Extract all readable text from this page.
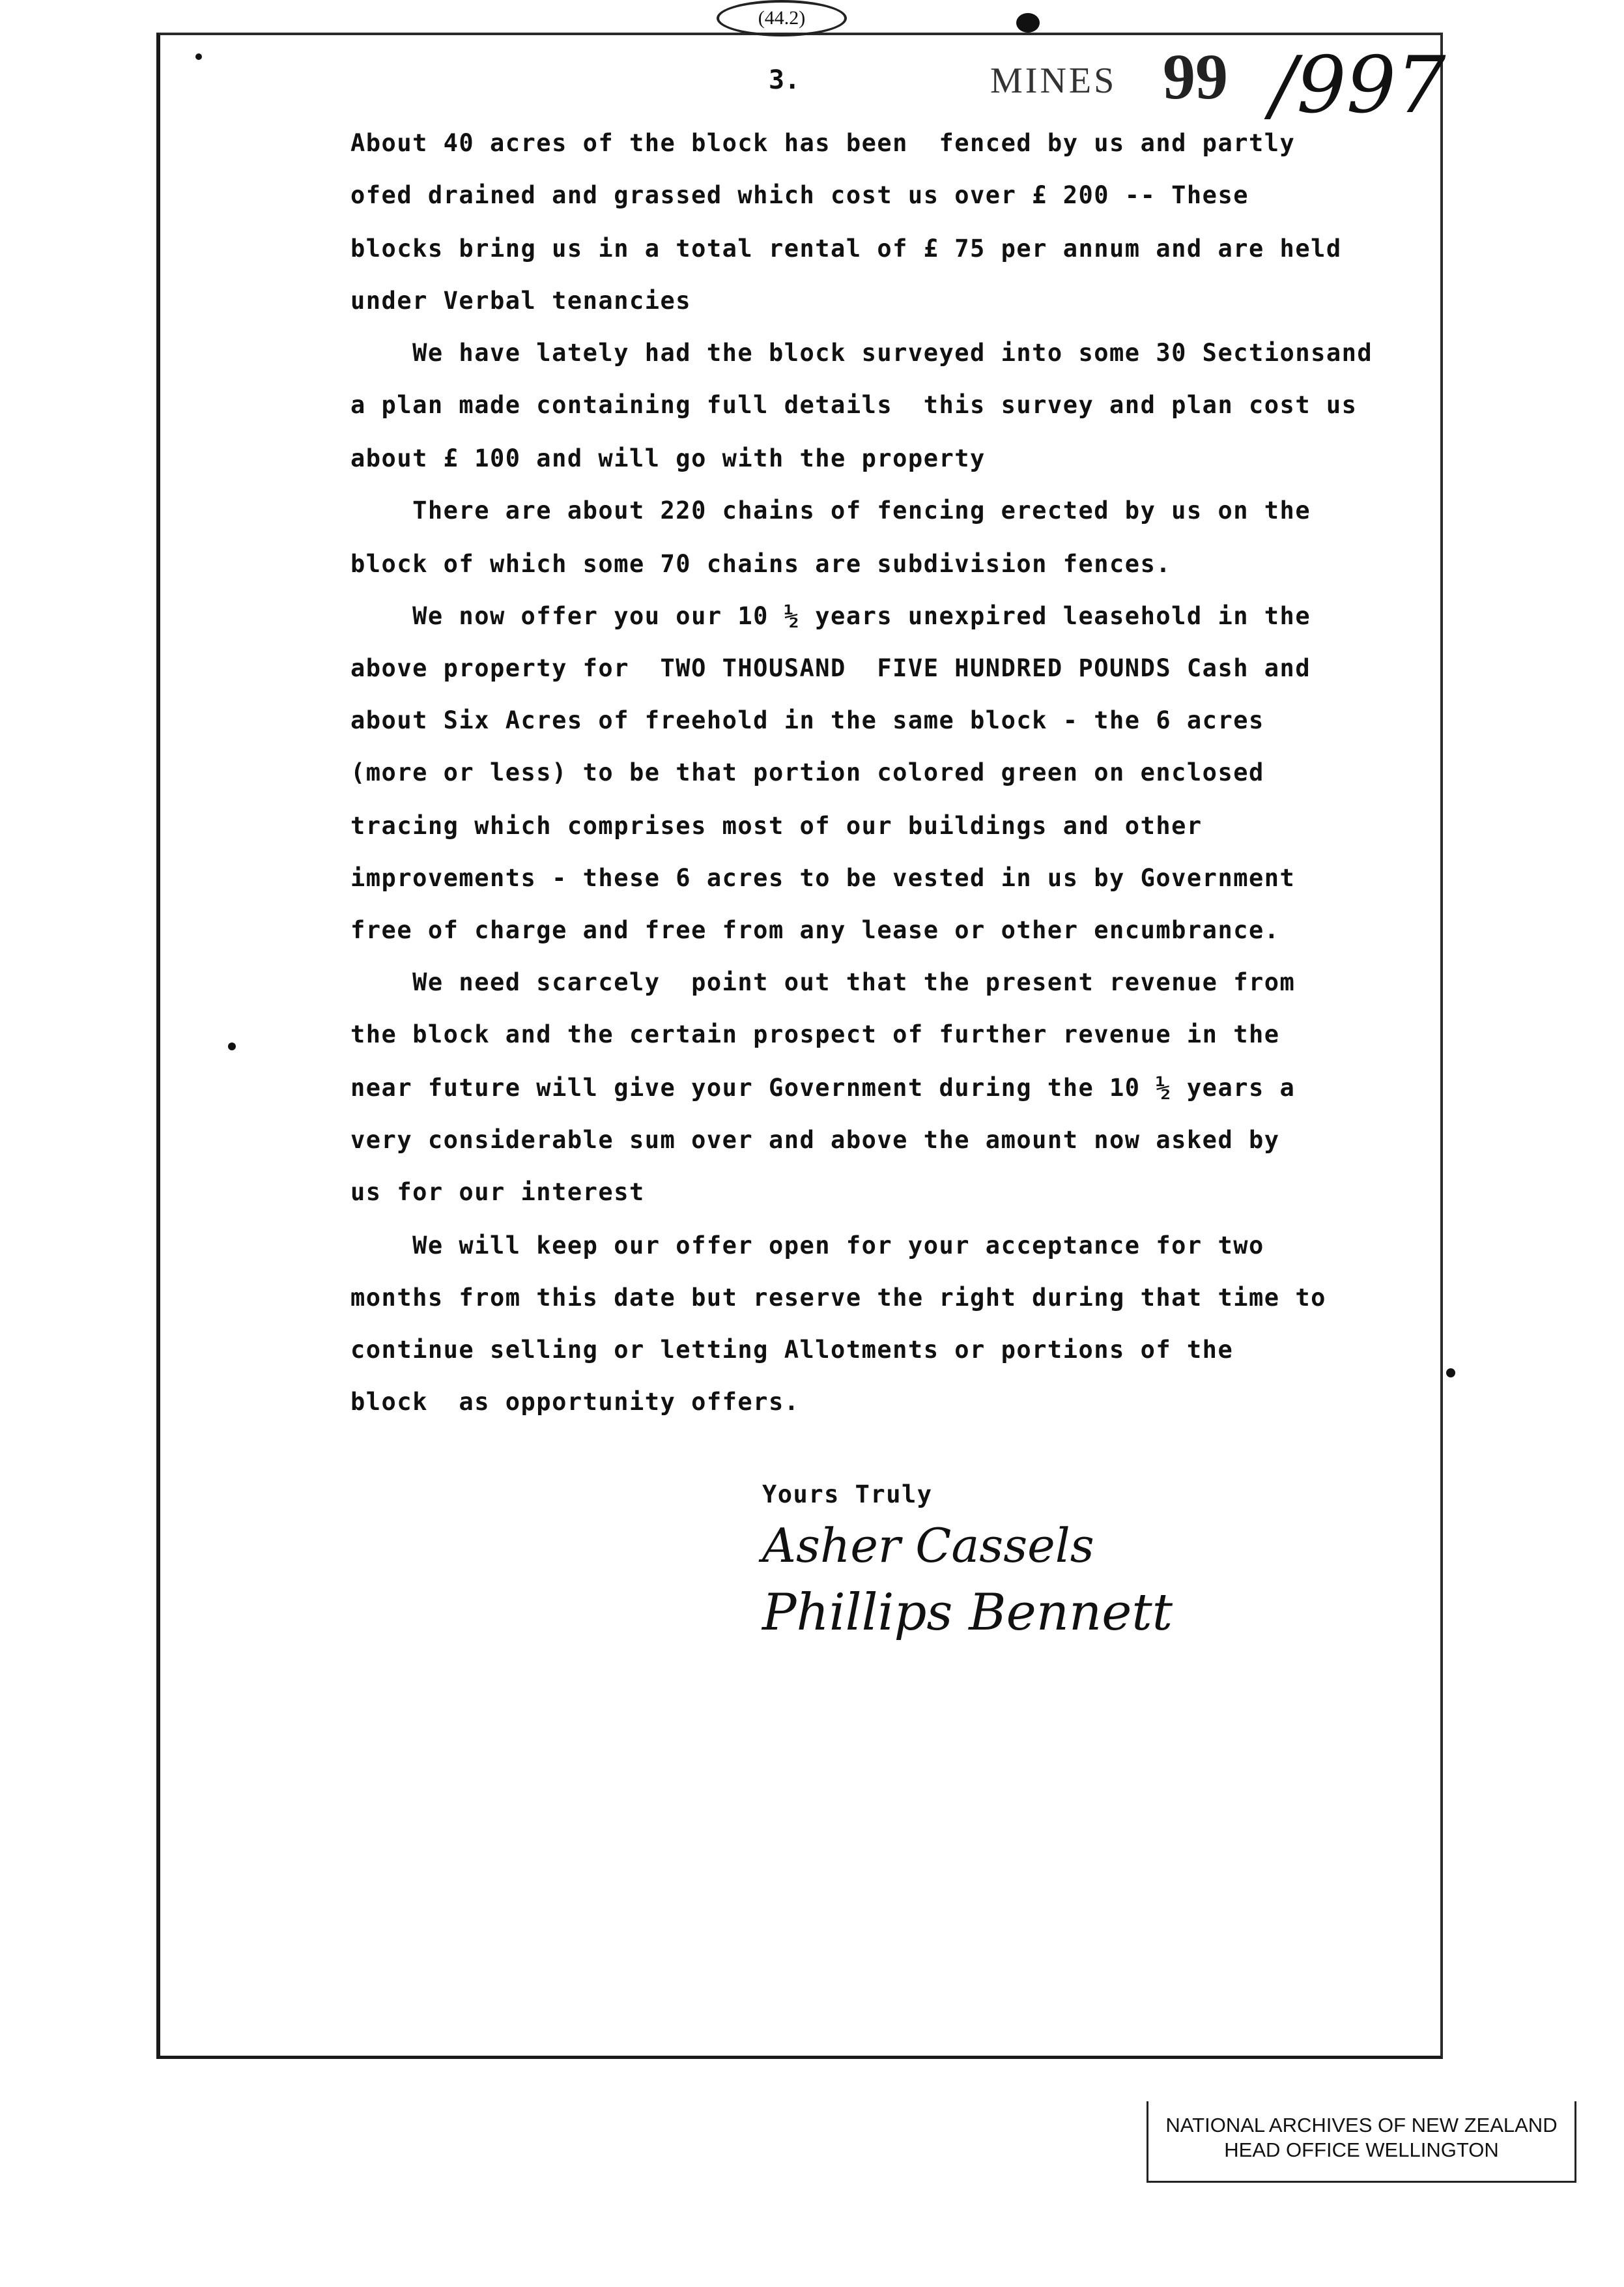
(44.2)
3.	MINES 99 /997
About 40 acres of the block has been  fenced by us and partly
ofed drained and grassed which cost us over £ 200 -- These
blocks bring us in a total rental of £ 75 per annum and are held
under Verbal tenancies
We have lately had the block surveyed into some 30 Sectionsand
a plan made containing full details  this survey and plan cost us
about £ 100 and will go with the property
There are about 220 chains of fencing erected by us on the
block of which some 70 chains are subdivision fences.
We now offer you our 10 ½ years unexpired leasehold in the
above property for  TWO THOUSAND  FIVE HUNDRED POUNDS Cash and
about Six Acres of freehold in the same block - the 6 acres
(more or less) to be that portion colored green on enclosed
tracing which comprises most of our buildings and other
improvements - these 6 acres to be vested in us by Government
free of charge and free from any lease or other encumbrance.
We need scarcely  point out that the present revenue from
the block and the certain prospect of further revenue in the
near future will give your Government during the 10 ½ years a
very considerable sum over and above the amount now asked by
us for our interest
We will keep our offer open for your acceptance for two
months from this date but reserve the right during that time to
continue selling or letting Allotments or portions of the
block  as opportunity offers.
Yours Truly
Asher Cassels
Phillips Bennett
NATIONAL ARCHIVES OF NEW ZEALAND
HEAD OFFICE WELLINGTON
